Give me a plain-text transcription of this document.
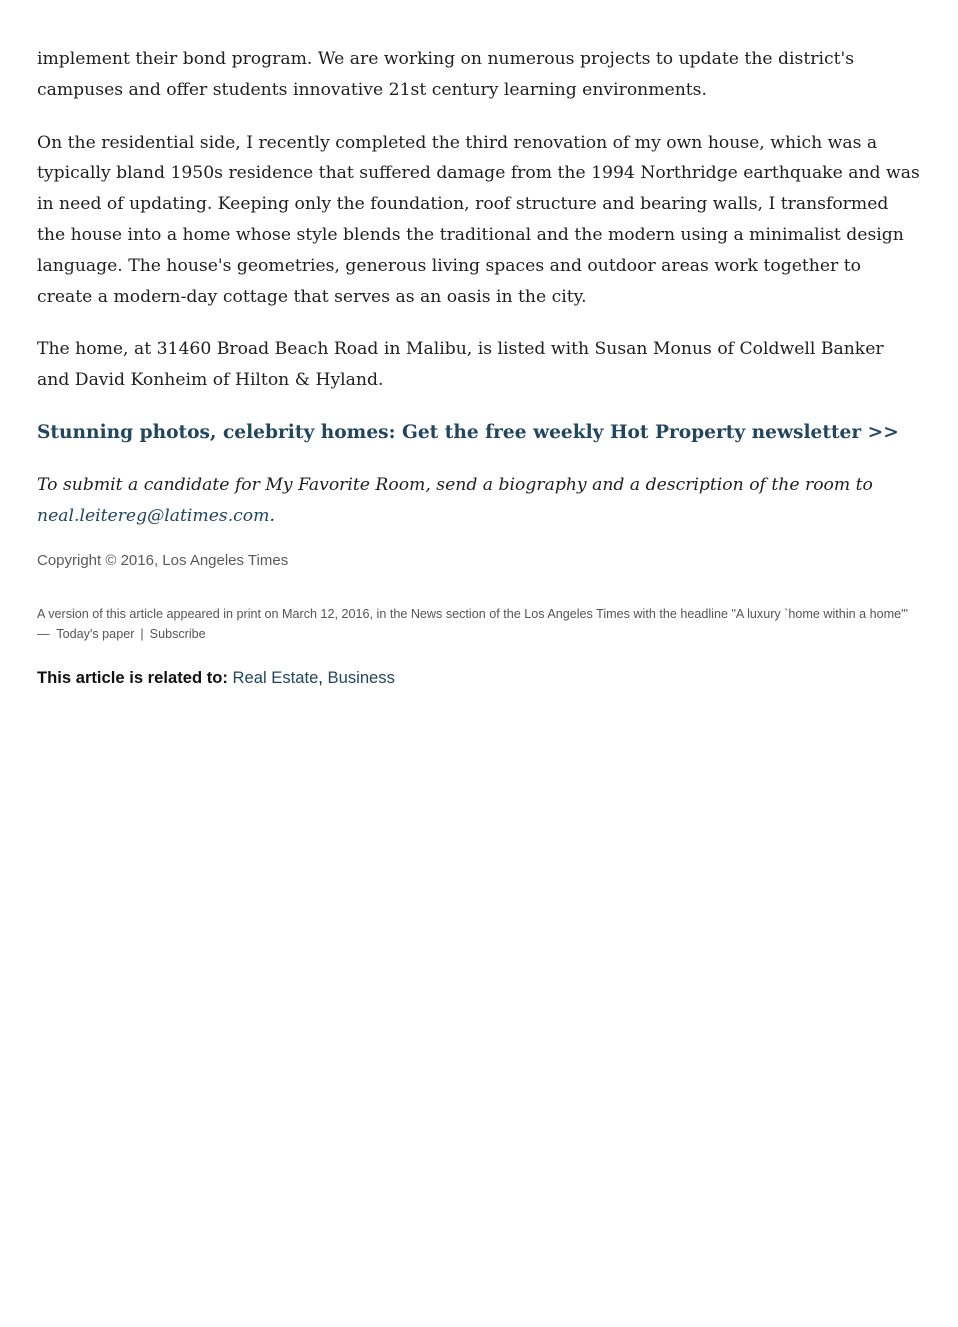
implement their bond program. We are working on numerous projects to update the district's campuses and offer students innovative 21st century learning environments.

On the residential side, I recently completed the third renovation of my own house, which was a typically bland 1950s residence that suffered damage from the 1994 Northridge earthquake and was in need of updating. Keeping only the foundation, roof structure and bearing walls, I transformed the house into a home whose style blends the traditional and the modern using a minimalist design language. The house's geometries, generous living spaces and outdoor areas work together to create a modern-day cottage that serves as an oasis in the city.

The home, at 31460 Broad Beach Road in Malibu, is listed with Susan Monus of Coldwell Banker and David Konheim of Hilton & Hyland.

Stunning photos, celebrity homes: Get the free weekly Hot Property newsletter >>

To submit a candidate for My Favorite Room, send a biography and a description of the room to neal.leitereg@latimes.com.

Copyright © 2016, Los Angeles Times

A version of this article appeared in print on March 12, 2016, in the News section of the Los Angeles Times with the headline "A luxury `home within a home'" — Today's paper | Subscribe

This article is related to: Real Estate, Business
